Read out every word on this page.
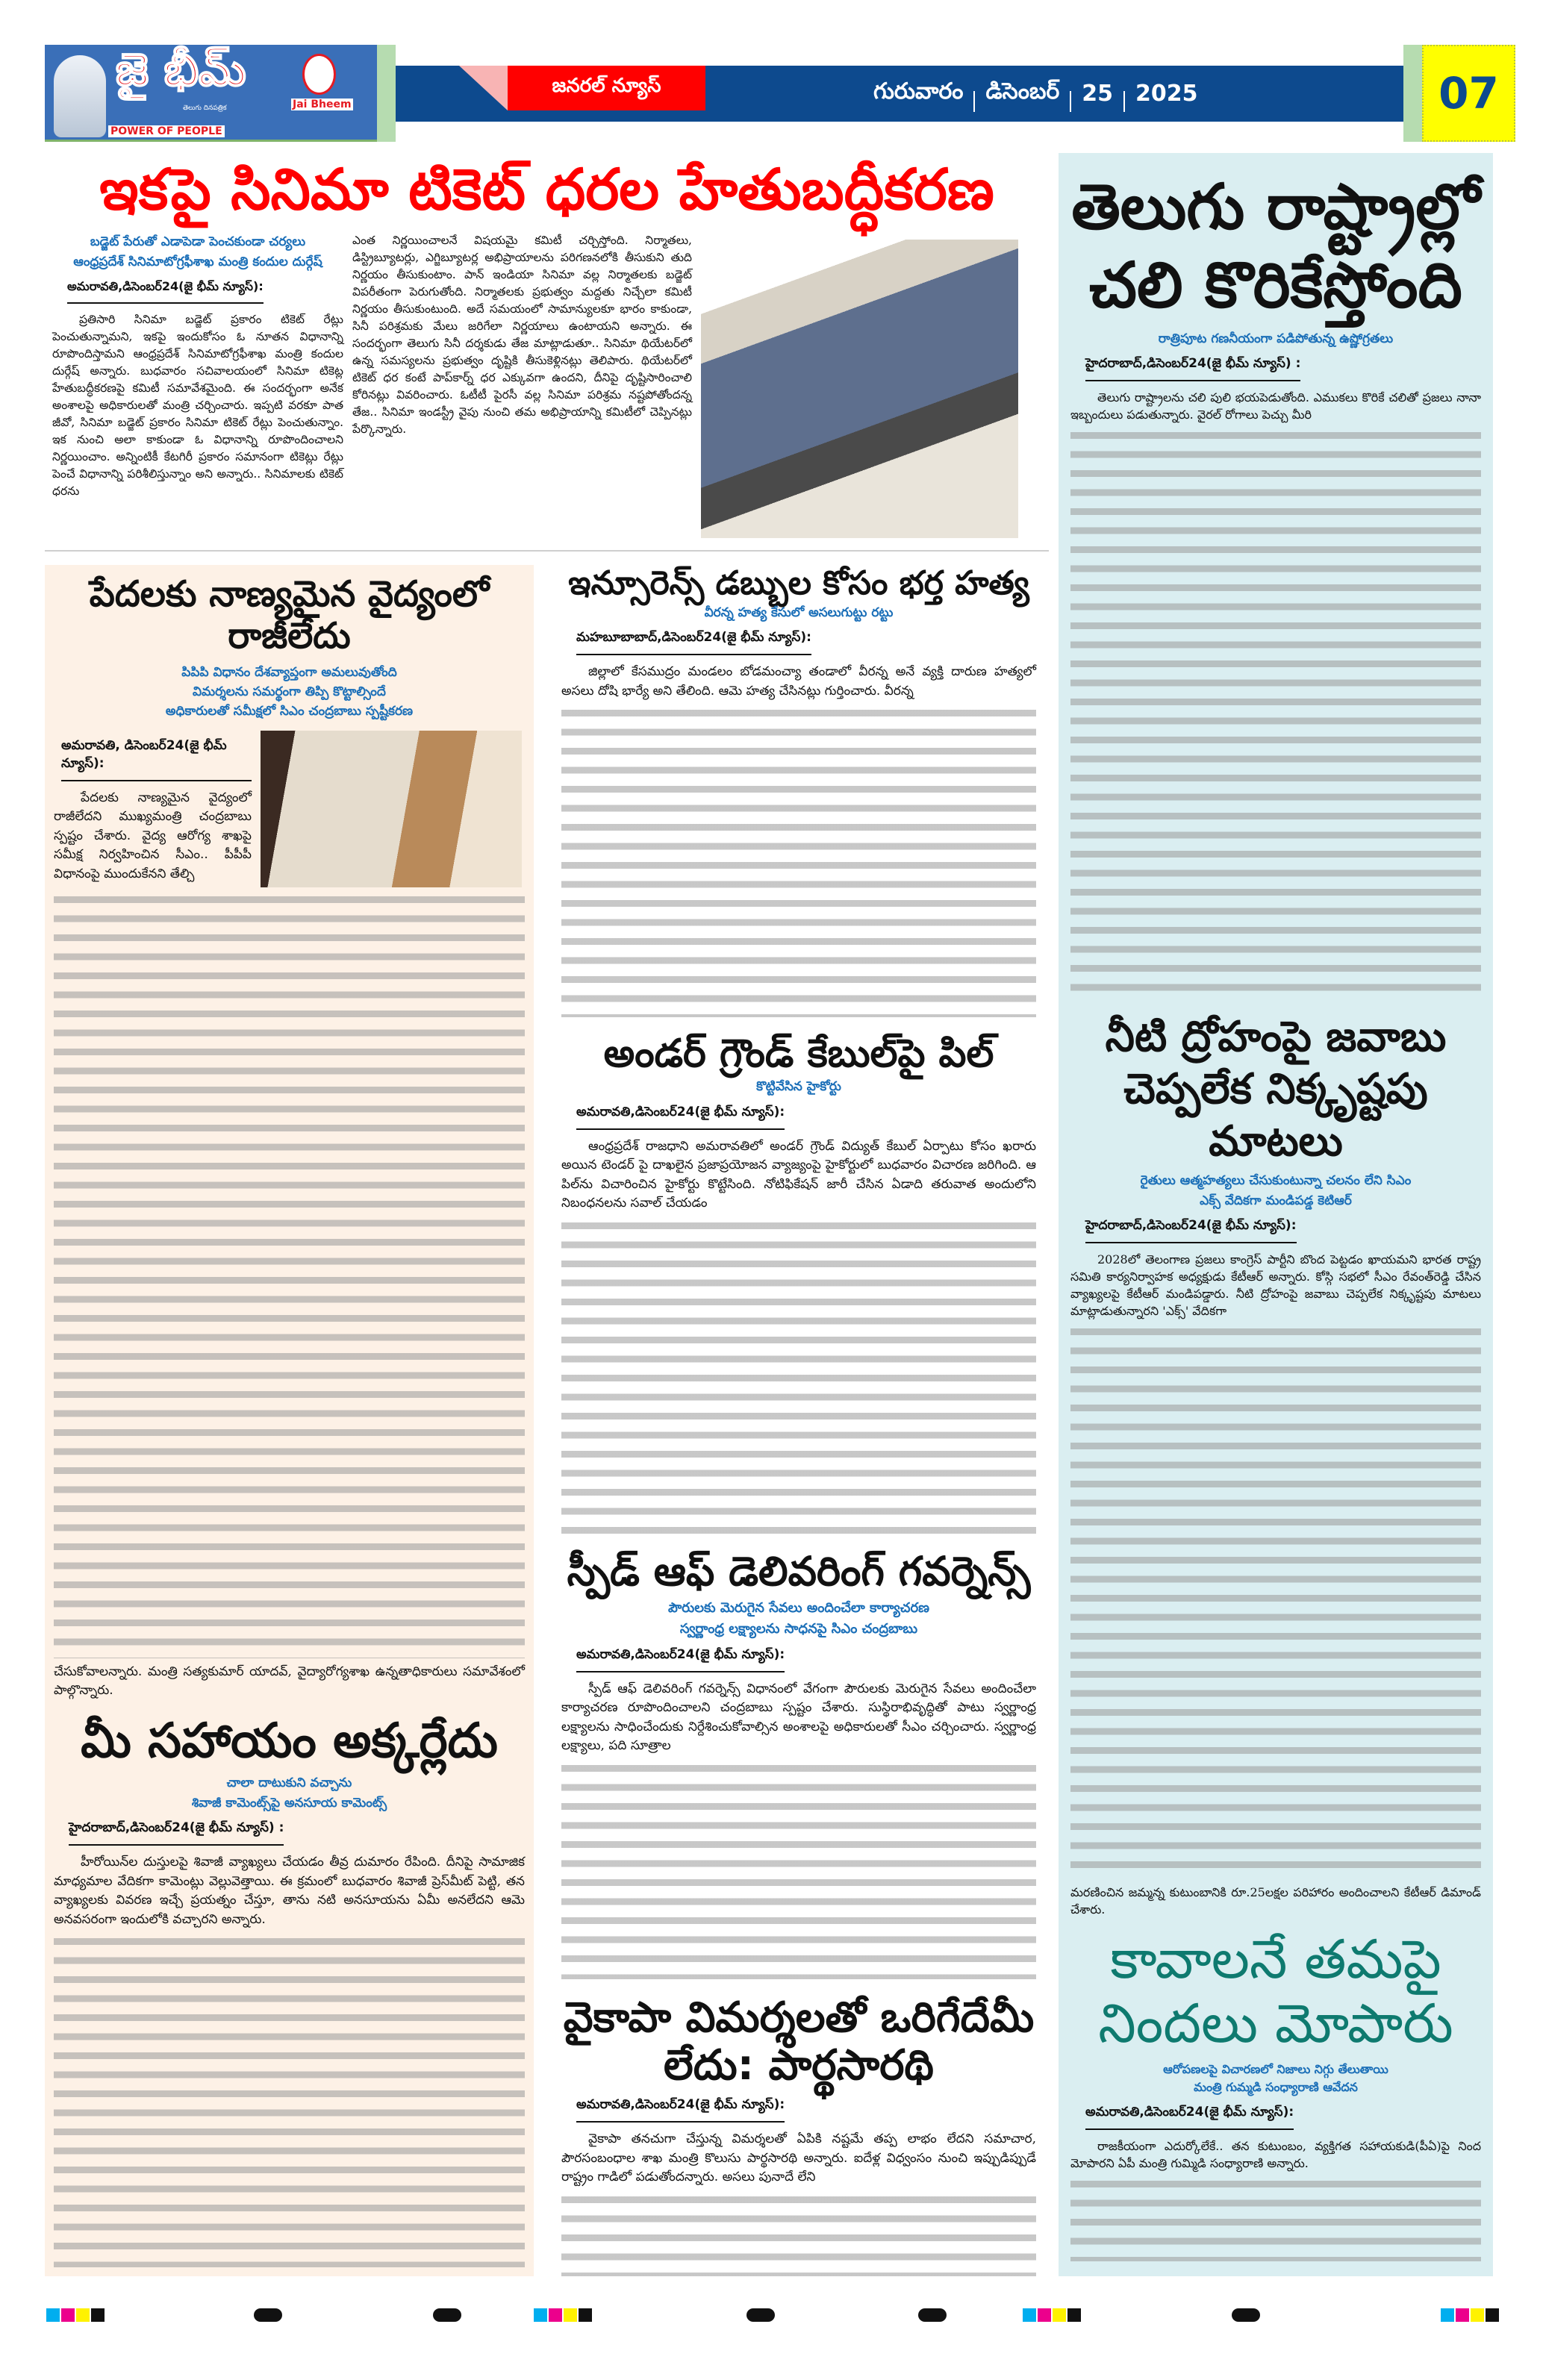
జై భీమ్
తెలుగు దినపత్రిక
POWER OF PEOPLE
Jai Bheem
జనరల్ న్యూస్	గురువారం డిసెంబర్ 25 2025	07
ఇకపై సినిమా టికెట్ ధరల హేతుబద్ధీకరణ
బడ్జెట్ పేరుతో ఎడాపెడా పెంచకుండా చర్యలు
ఆంధ్రప్రదేశ్ సినిమాటోగ్రఫీశాఖ మంత్రి కందుల దుర్గేష్
అమరావతి,డిసెంబర్24(జై భీమ్ న్యూస్):
ప్రతిసారి సినిమా బడ్జెట్ ప్రకారం టికెట్ రేట్లు పెంచుతున్నామని, ఇకపై ఇందుకోసం ఓ నూతన విధానాన్ని రూపొందిస్తామని ఆంధ్రప్రదేశ్ సినిమాటోగ్రఫీశాఖ మంత్రి కందుల దుర్గేష్ అన్నారు. బుధవారం సచివాలయంలో సినిమా టికెట్ల హేతుబద్ధీకరణపై కమిటీ సమావేశమైంది. ఈ సందర్భంగా అనేక అంశాలపై అధికారులతో మంత్రి చర్చించారు. ఇప్పటి వరకూ పాత జీవో, సినిమా బడ్జెట్ ప్రకారం సినిమా టికెట్ రేట్లు పెంచుతున్నాం. ఇక నుంచి అలా కాకుండా ఓ విధానాన్ని రూపొందించాలని నిర్ణయించాం. అన్నింటికీ కేటగిరీ ప్రకారం సమానంగా టికెట్లు రేట్లు పెంచే విధానాన్ని పరిశీలిస్తున్నాం అని అన్నారు.. సినిమాలకు టికెట్ ధరను
ఎంత నిర్ణయించాలనే విషయమై కమిటీ చర్చిస్తోంది. నిర్మాతలు, డిస్ట్రిబ్యూటర్లు, ఎగ్జిబ్యూటర్ల అభిప్రాయాలను పరిగణనలోకి తీసుకుని తుది నిర్ణయం తీసుకుంటాం. పాన్ ఇండియా సినిమా వల్ల నిర్మాతలకు బడ్జెట్ విపరీతంగా పెరుగుతోంది. నిర్మాతలకు ప్రభుత్వం మద్దతు నిచ్చేలా కమిటీ నిర్ణయం తీసుకుంటుంది. అదే సమయంలో సామాన్యులకూ భారం కాకుండా, సినీ పరిశ్రమకు మేలు జరిగేలా నిర్ణయాలు ఉంటాయని అన్నారు. ఈ సందర్భంగా తెలుగు సినీ దర్శకుడు తేజ మాట్లాడుతూ.. సినిమా థియేటర్‌లో ఉన్న సమస్యలను ప్రభుత్వం దృష్టికి తీసుకెళ్లినట్లు తెలిపారు. థియేటర్‌లో టికెట్ ధర కంటే పాప్‌కార్న్ ధర ఎక్కువగా ఉందని, దీనిపై దృష్టిసారించాలి కోరినట్లు వివరించారు. ఓటీటీ పైరసీ వల్ల సినిమా పరిశ్రమ నష్టపోతోందన్న తేజ.. సినిమా ఇండస్ట్రీ వైపు నుంచి తమ అభిప్రాయాన్ని కమిటీలో చెప్పినట్లు పేర్కొన్నారు.
పేదలకు నాణ్యమైన వైద్యంలో రాజీలేదు
పిపిపి విధానం దేశవ్యాప్తంగా అమలువుతోంది
విమర్శలను సమర్థంగా తిప్పి కొట్టాల్సిందే
అధికారులతో సమీక్షలో సిఎం చంద్రబాబు స్పష్టీకరణ
అమరావతి, డిసెంబర్24(జై భీమ్ న్యూస్):
పేదలకు నాణ్యమైన వైద్యంలో రాజీలేదని ముఖ్యమంత్రి చంద్రబాబు స్పష్టం చేశారు. వైద్య ఆరోగ్య శాఖపై సమీక్ష నిర్వహించిన సీఎం.. పీపీపీ విధానంపై ముందుకేనని తేల్చి
చేసుకోవాలన్నారు. మంత్రి సత్యకుమార్ యాదవ్, వైద్యారోగ్యశాఖ ఉన్నతాధికారులు సమావేశంలో పాల్గొన్నారు.
మీ సహాయం అక్కర్లేదు
చాలా దాటుకుని వచ్చాను
శివాజీ కామెంట్స్‌పై అనసూయ కామెంట్స్
హైదరాబాద్,డిసెంబర్24(జై భీమ్ న్యూస్) :
హీరోయిన్‌ల దుస్తులపై శివాజీ వ్యాఖ్యలు చేయడం తీవ్ర దుమారం రేపింది. దీనిపై సామాజిక మాధ్యమాల వేదికగా కామెంట్లు వెల్లువెత్తాయి. ఈ క్రమంలో బుధవారం శివాజీ ప్రెస్‌మీట్ పెట్టి, తన వ్యాఖ్యలకు వివరణ ఇచ్చే ప్రయత్నం చేస్తూ, తాను నటి అనసూయను ఏమీ అనలేదని ఆమె అనవసరంగా ఇందులోకి వచ్చారని అన్నారు.
ఇన్సూరెన్స్ డబ్బుల కోసం భర్త హత్య
వీరన్న హత్య కేసులో అసలుగుట్టు రట్టు
మహబూబాబాద్,డిసెంబర్24(జై భీమ్ న్యూస్):
జిల్లాలో కేసముద్రం మండలం బోడమంచ్యా తండాలో వీరన్న అనే వ్యక్తి దారుణ హత్యలో అసలు దోషి భార్యే అని తేలింది. ఆమె హత్య చేసినట్లు గుర్తించారు. వీరన్న
అండర్ గ్రౌండ్ కేబుల్‌పై పిల్
కొట్టివేసిన హైకోర్టు
అమరావతి,డిసెంబర్24(జై భీమ్ న్యూస్):
ఆంధ్రప్రదేశ్ రాజధాని అమరావతిలో అండర్ గ్రౌండ్ విద్యుత్ కేబుల్ ఏర్పాటు కోసం ఖరారు అయిన టెండర్ పై దాఖలైన ప్రజాప్రయోజన వ్యాజ్యంపై హైకోర్టులో బుధవారం విచారణ జరిగింది. ఆ పిల్‌ను విచారించిన హైకోర్టు కొట్టేసింది. నోటిఫికేషన్ జారీ చేసిన ఏడాది తరువాత అందులోని నిబంధనలను సవాల్ చేయడం
స్పీడ్ ఆఫ్ డెలివరింగ్ గవర్నెన్స్
పౌరులకు మెరుగైన సేవలు అందించేలా కార్యాచరణ
స్వర్ణాంధ్ర లక్ష్యాలను సాధనపై సిఎం చంద్రబాబు
అమరావతి,డిసెంబర్24(జై భీమ్ న్యూస్):
స్పీడ్ ఆఫ్ డెలివరింగ్ గవర్నెన్స్ విధానంలో వేగంగా పౌరులకు మెరుగైన సేవలు అందించేలా కార్యాచరణ రూపొందించాలని చంద్రబాబు స్పష్టం చేశారు. సుస్థిరాభివృద్ధితో పాటు స్వర్ణాంధ్ర లక్ష్యాలను సాధించేందుకు నిర్దేశించుకోవాల్సిన అంశాలపై అధికారులతో సీఎం చర్చించారు. స్వర్ణాంధ్ర లక్ష్యాలు, పది సూత్రాల
వైకాపా విమర్శలతో ఒరిగేదేమీ లేదు: పార్థసారథి
అమరావతి,డిసెంబర్24(జై భీమ్ న్యూస్):
వైకాపా తనచుగా చేస్తున్న విమర్శలతో ఏపికి నష్టమే తప్ప లాభం లేదని సమాచార, పౌరసంబంధాల శాఖ మంత్రి కొలుసు పార్థసారథి అన్నారు. ఐదేళ్ల విధ్వంసం నుంచి ఇప్పుడిప్పుడే రాష్ట్రం గాడిలో పడుతోందన్నారు. అసలు పునాదే లేని
తెలుగు రాష్ట్రాల్లో చలి కొరికేస్తోంది
రాత్రిపూట గణనీయంగా పడిపోతున్న ఉష్ణోగ్రతలు
హైదరాబాద్,డిసెంబర్24(జై భీమ్ న్యూస్) :
తెలుగు రాష్ట్రాలను చలి పులి భయపెడుతోంది. ఎముకలు కొరికే చలితో ప్రజలు నానా ఇబ్బందులు పడుతున్నారు. వైరల్ రోగాలు పెచ్చు మీరి
నీటి ద్రోహంపై జవాబు చెప్పలేక నిక్కృష్టపు మాటలు
రైతులు ఆత్మహత్యలు చేసుకుంటున్నా చలనం లేని సిఎం
ఎక్స్ వేదికగా మండిపడ్డ కెటిఆర్
హైదరాబాద్,డిసెంబర్24(జై భీమ్ న్యూస్):
2028లో తెలంగాణ ప్రజలు కాంగ్రెస్ పార్టీని బొంద పెట్టడం ఖాయమని భారత రాష్ట్ర సమితి కార్యనిర్వాహక అధ్యక్షుడు కేటీఆర్ అన్నారు. కోస్గి సభలో సీఎం రేవంత్‌రెడ్డి చేసిన వ్యాఖ్యలపై కేటీఆర్ మండిపడ్డారు. నీటి ద్రోహంపై జవాబు చెప్పలేక నిక్కృష్టపు మాటలు మాట్లాడుతున్నారని 'ఎక్స్' వేదికగా
మరణించిన జమ్మన్న కుటుంబానికి రూ.25లక్షల పరిహారం అందించాలని కేటీఆర్ డిమాండ్ చేశారు.
కావాలనే తమపై నిందలు మోపారు
ఆరోపణలపై విచారణలో నిజాలు నిగ్గు తేలుతాయి
మంత్రి గుమ్మడి సంధ్యారాణి ఆవేదన
అమరావతి,డిసెంబర్24(జై భీమ్ న్యూస్):
రాజకీయంగా ఎదుర్కోలేకే.. తన కుటుంబం, వ్యక్తిగత సహాయకుడి(పీఏ)పై నింద మోపారని ఏపీ మంత్రి గుమ్మిడి సంధ్యారాణి అన్నారు.
